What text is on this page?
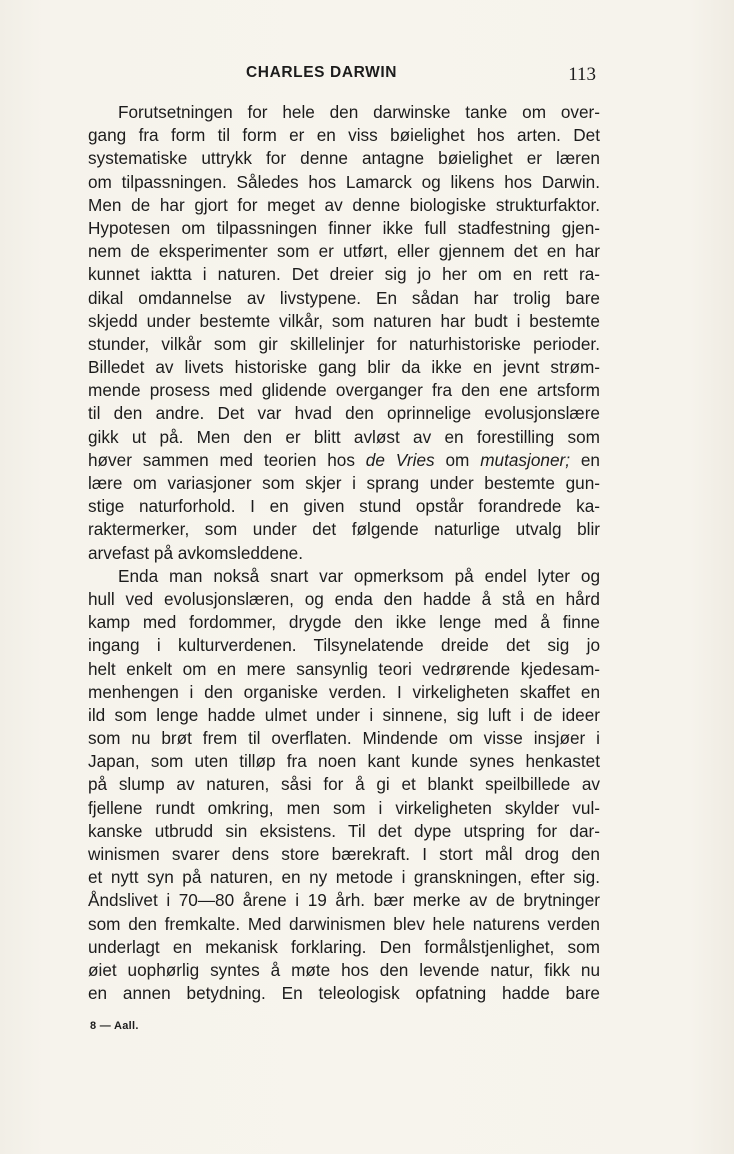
CHARLES DARWIN	113
Forutsetningen for hele den darwinske tanke om over-
gang fra form til form er en viss bøielighet hos arten. Det
systematiske uttrykk for denne antagne bøielighet er læren
om tilpassningen. Således hos Lamarck og likens hos Darwin.
Men de har gjort for meget av denne biologiske strukturfaktor.
Hypotesen om tilpassningen finner ikke full stadfestning gjen-
nem de eksperimenter som er utført, eller gjennem det en har
kunnet iaktta i naturen. Det dreier sig jo her om en rett ra-
dikal omdannelse av livstypene. En sådan har trolig bare
skjedd under bestemte vilkår, som naturen har budt i bestemte
stunder, vilkår som gir skillelinjer for naturhistoriske perioder.
Billedet av livets historiske gang blir da ikke en jevnt strøm-
mende prosess med glidende overganger fra den ene artsform
til den andre. Det var hvad den oprinnelige evolusjonslære
gikk ut på. Men den er blitt avløst av en forestilling som
høver sammen med teorien hos de Vries om mutasjoner; en
lære om variasjoner som skjer i sprang under bestemte gun-
stige naturforhold. I en given stund opstår forandrede ka-
raktermerker, som under det følgende naturlige utvalg blir
arvefast på avkomsleddene.
Enda man nokså snart var opmerksom på endel lyter og
hull ved evolusjonslæren, og enda den hadde å stå en hård
kamp med fordommer, drygde den ikke lenge med å finne
ingang i kulturverdenen. Tilsynelatende dreide det sig jo
helt enkelt om en mere sansynlig teori vedrørende kjedesam-
menhengen i den organiske verden. I virkeligheten skaffet en
ild som lenge hadde ulmet under i sinnene, sig luft i de ideer
som nu brøt frem til overflaten. Mindende om visse insjøer i
Japan, som uten tilløp fra noen kant kunde synes henkastet
på slump av naturen, såsi for å gi et blankt speilbillede av
fjellene rundt omkring, men som i virkeligheten skylder vul-
kanske utbrudd sin eksistens. Til det dype utspring for dar-
winismen svarer dens store bærekraft. I stort mål drog den
et nytt syn på naturen, en ny metode i granskningen, efter sig.
Åndslivet i 70—80 årene i 19 årh. bær merke av de brytninger
som den fremkalte. Med darwinismen blev hele naturens verden
underlagt en mekanisk forklaring. Den formålstjenlighet, som
øiet uophørlig syntes å møte hos den levende natur, fikk nu
en annen betydning. En teleologisk opfatning hadde bare
8 — Aall.
